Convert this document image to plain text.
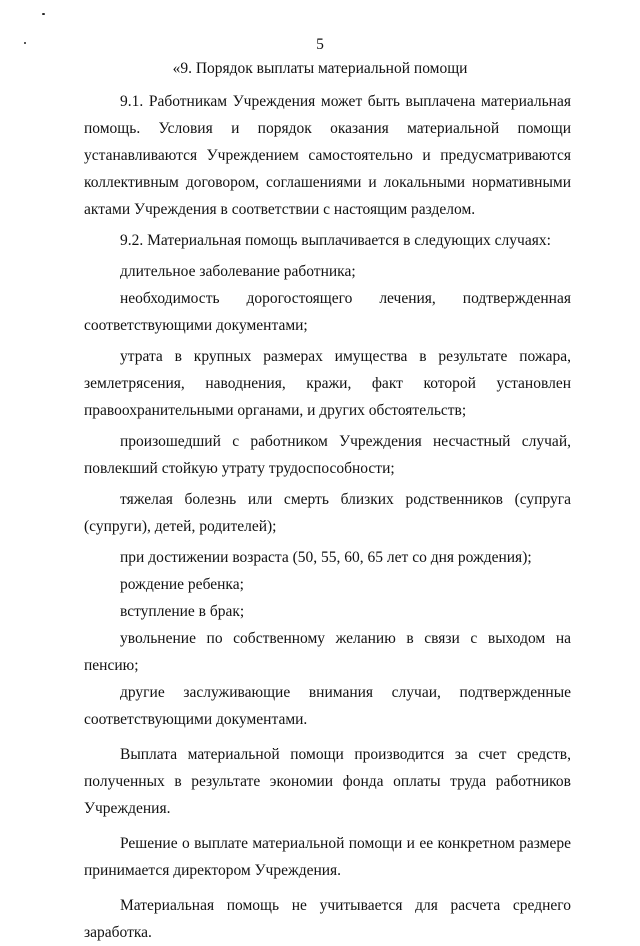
5
«9. Порядок выплаты материальной помощи

9.1. Работникам Учреждения может быть выплачена материальная помощь. Условия и порядок оказания материальной помощи устанавливаются Учреждением самостоятельно и предусматриваются коллективным договором, соглашениями и локальными нормативными актами Учреждения в соответствии с настоящим разделом.

9.2. Материальная помощь выплачивается в следующих случаях:

длительное заболевание работника;

необходимость дорогостоящего лечения, подтвержденная соответствующими документами;

утрата в крупных размерах имущества в результате пожара, землетрясения, наводнения, кражи, факт которой установлен правоохранительными органами, и других обстоятельств;

произошедший с работником Учреждения несчастный случай, повлекший стойкую утрату трудоспособности;

тяжелая болезнь или смерть близких родственников (супруга (супруги), детей, родителей);

при достижении возраста (50, 55, 60, 65 лет со дня рождения);

рождение ребенка;

вступление в брак;

увольнение по собственному желанию в связи с выходом на пенсию;

другие заслуживающие внимания случаи, подтвержденные соответствующими документами.

Выплата материальной помощи производится за счет средств, полученных в результате экономии фонда оплаты труда работников Учреждения.

Решение о выплате материальной помощи и ее конкретном размере принимается директором Учреждения.

Материальная помощь не учитывается для расчета среднего заработка.
